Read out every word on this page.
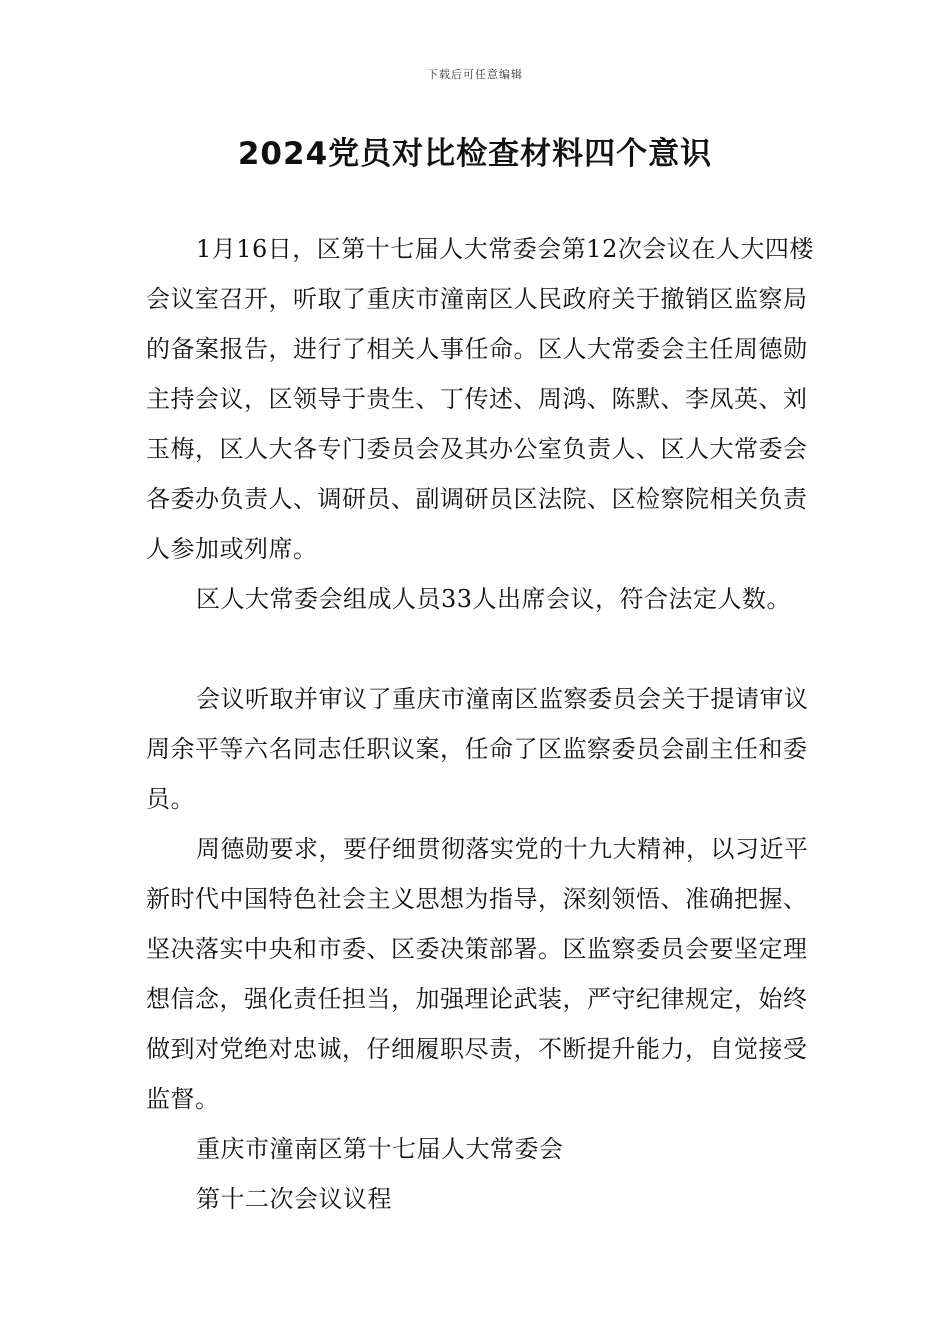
下载后可任意编辑
2024党员对比检查材料四个意识

1月16日，区第十七届人大常委会第12次会议在人大四楼会议室召开，听取了重庆市潼南区人民政府关于撤销区监察局的备案报告，进行了相关人事任命。区人大常委会主任周德勋主持会议，区领导于贵生、丁传述、周鸿、陈默、李凤英、刘玉梅，区人大各专门委员会及其办公室负责人、区人大常委会各委办负责人、调研员、副调研员区法院、区检察院相关负责人参加或列席。

区人大常委会组成人员33人出席会议，符合法定人数。

会议听取并审议了重庆市潼南区监察委员会关于提请审议周余平等六名同志任职议案，任命了区监察委员会副主任和委员。

周德勋要求，要仔细贯彻落实党的十九大精神，以习近平新时代中国特色社会主义思想为指导，深刻领悟、准确把握、坚决落实中央和市委、区委决策部署。区监察委员会要坚定理想信念，强化责任担当，加强理论武装，严守纪律规定，始终做到对党绝对忠诚，仔细履职尽责，不断提升能力，自觉接受监督。

重庆市潼南区第十七届人大常委会

第十二次会议议程
